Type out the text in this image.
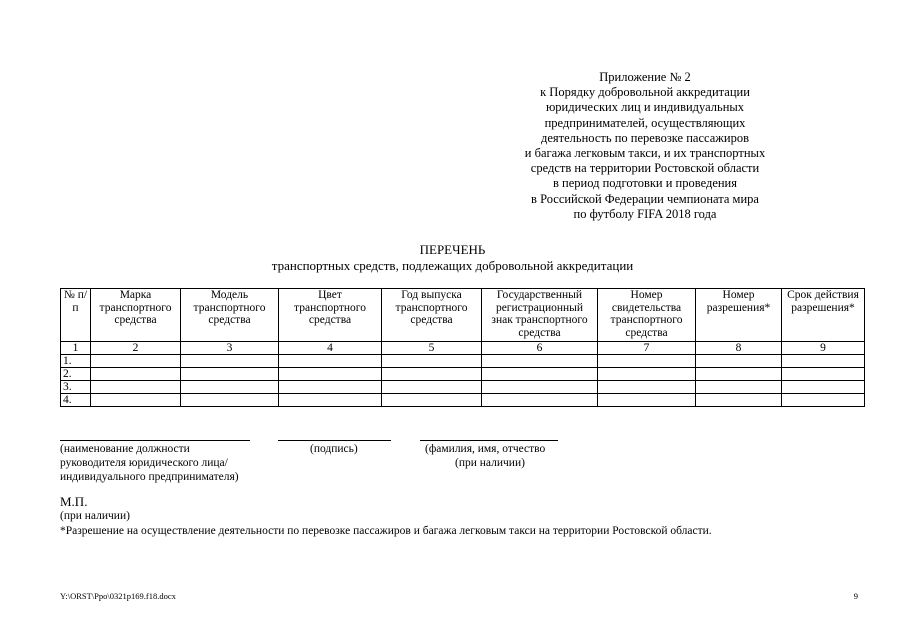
Приложение № 2
к Порядку добровольной аккредитации
юридических лиц и индивидуальных
предпринимателей, осуществляющих
деятельность по перевозке пассажиров
и багажа легковым такси, и их транспортных
средств на территории Ростовской области
в период подготовки и проведения
в Российской Федерации чемпионата мира
по футболу FIFA 2018 года
ПЕРЕЧЕНЬ
транспортных средств, подлежащих добровольной аккредитации
№ п/п	Марка транспортного средства	Модель транспортного средства	Цвет транспортного средства	Год выпуска транспортного средства	Государственный регистрационный знак транспортного средства	Номер свидетельства транспортного средства	Номер разрешения*	Срок действия разрешения*
1	2	3	4	5	6	7	8	9
1.								
2.								
3.								
4.								
(наименование должности
руководителя юридического лица/
индивидуального предпринимателя)
(подпись)	(фамилия, имя, отчество
(при наличии)
М.П.
(при наличии)
*Разрешение на осуществление деятельности по перевозке пассажиров и багажа легковым такси на территории Ростовской области.
Y:\ORST\Ppo\0321p169.f18.docx	9
